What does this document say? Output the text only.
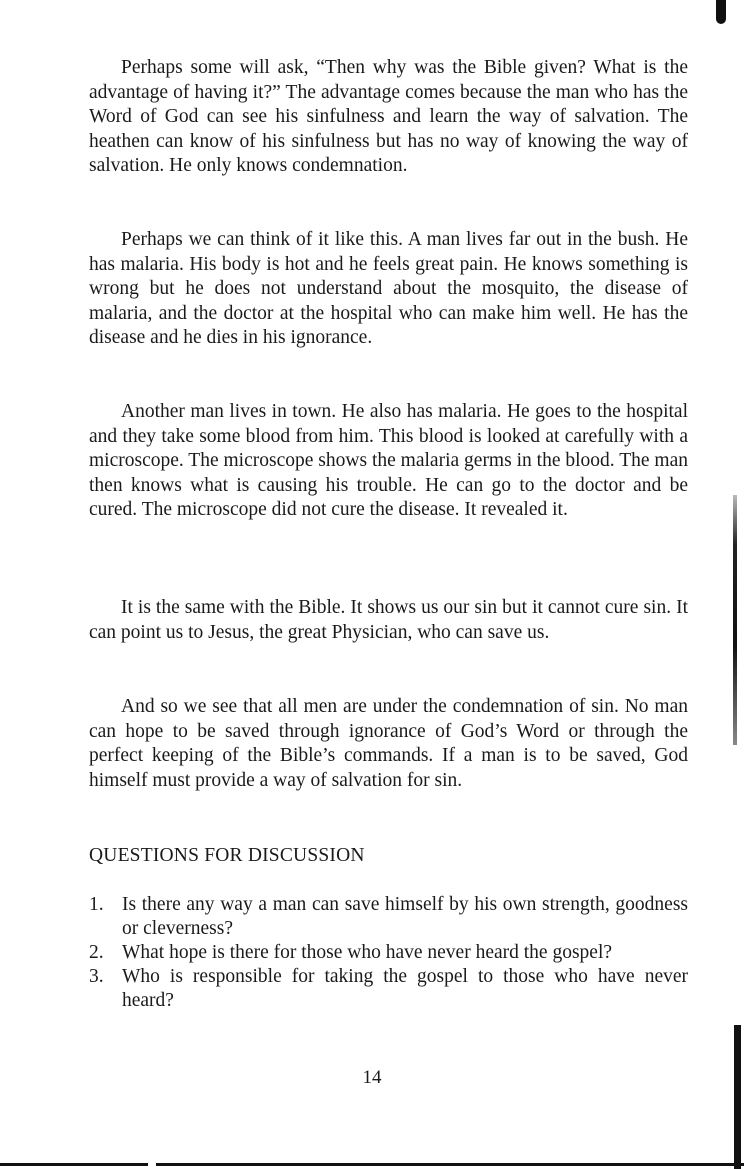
Perhaps some will ask, “Then why was the Bible given? What is the advantage of having it?” The advantage comes because the man who has the Word of God can see his sinfulness and learn the way of salvation. The heathen can know of his sinfulness but has no way of knowing the way of salvation. He only knows condemnation.

Perhaps we can think of it like this. A man lives far out in the bush. He has malaria. His body is hot and he feels great pain. He knows something is wrong but he does not understand about the mosquito, the disease of malaria, and the doctor at the hospital who can make him well. He has the disease and he dies in his ignorance.

Another man lives in town. He also has malaria. He goes to the hospital and they take some blood from him. This blood is looked at carefully with a microscope. The microscope shows the malaria germs in the blood. The man then knows what is causing his trouble. He can go to the doctor and be cured. The microscope did not cure the disease. It revealed it.

It is the same with the Bible. It shows us our sin but it cannot cure sin. It can point us to Jesus, the great Physician, who can save us.

And so we see that all men are under the condemnation of sin. No man can hope to be saved through ignorance of God’s Word or through the perfect keeping of the Bible’s commands. If a man is to be saved, God himself must provide a way of salvation for sin.

QUESTIONS FOR DISCUSSION
1. Is there any way a man can save himself by his own strength, goodness or cleverness?
2. What hope is there for those who have never heard the gospel?
3. Who is responsible for taking the gospel to those who have never heard?

14
